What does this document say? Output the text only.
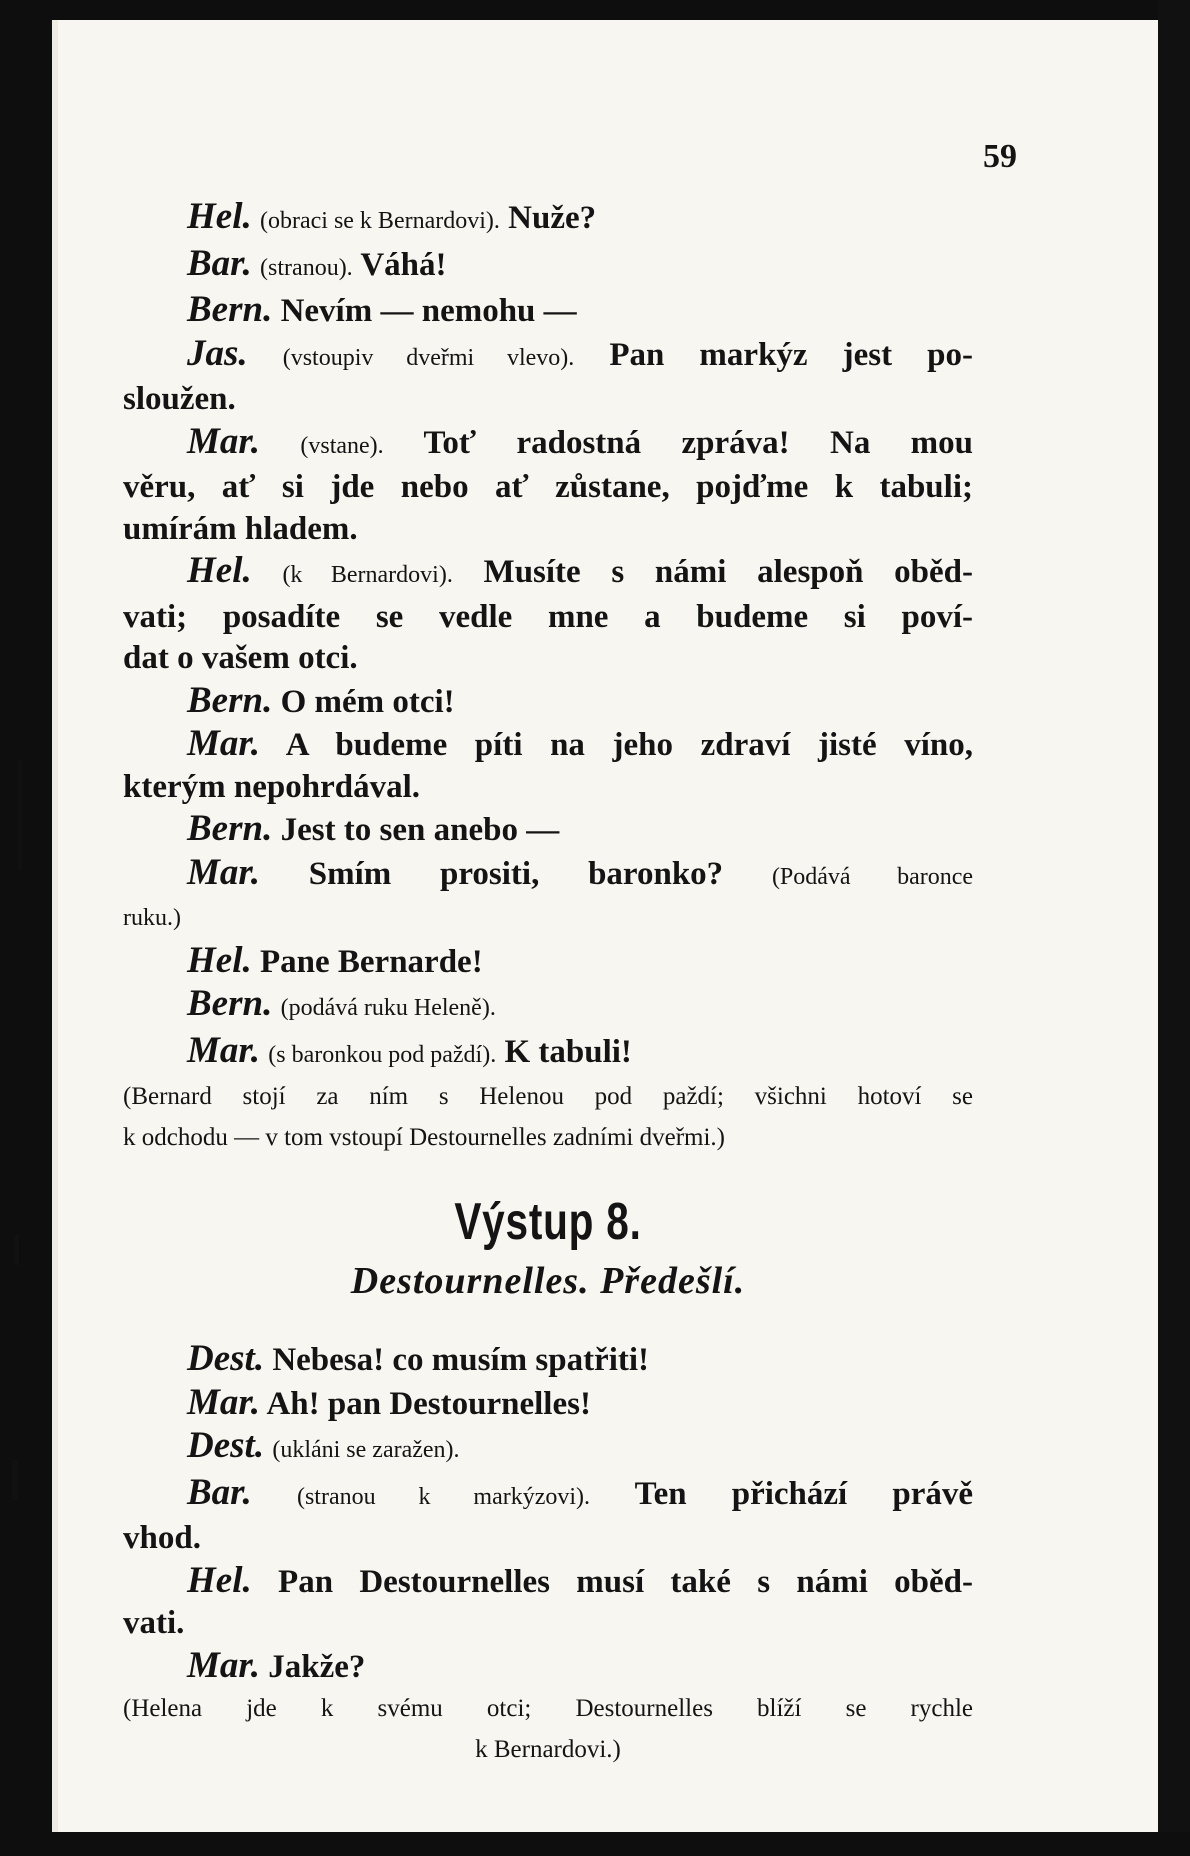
59
Hel. (obraci se k Bernardovi). Nuže?
Bar. (stranou). Váhá!
Bern. Nevím — nemohu —
Jas. (vstoupiv dveřmi vlevo). Pan markýz jest po-
sloužen.
Mar. (vstane). Toť radostná zpráva! Na mou
věru, ať si jde nebo ať zůstane, pojďme k tabuli;
umírám hladem.
Hel. (k Bernardovi). Musíte s námi alespoň oběd-
vati; posadíte se vedle mne a budeme si poví-
dat o vašem otci.
Bern. O mém otci!
Mar. A budeme píti na jeho zdraví jisté víno,
kterým nepohrdával.
Bern. Jest to sen anebo —
Mar. Smím prositi, baronko? (Podává baronce
ruku.)
Hel. Pane Bernarde!
Bern. (podává ruku Heleně).
Mar. (s baronkou pod paždí). K tabuli!
(Bernard stojí za ním s Helenou pod paždí; všichni hotoví se
k odchodu — v tom vstoupí Destournelles zadními dveřmi.)
Výstup 8.
Destournelles. Předešlí.
Dest. Nebesa! co musím spatřiti!
Mar. Ah! pan Destournelles!
Dest. (ukláni se zaražen).
Bar. (stranou k markýzovi). Ten přichází právě
vhod.
Hel. Pan Destournelles musí také s námi oběd-
vati.
Mar. Jakže?
(Helena jde k svému otci; Destournelles blíží se rychle
k Bernardovi.)
